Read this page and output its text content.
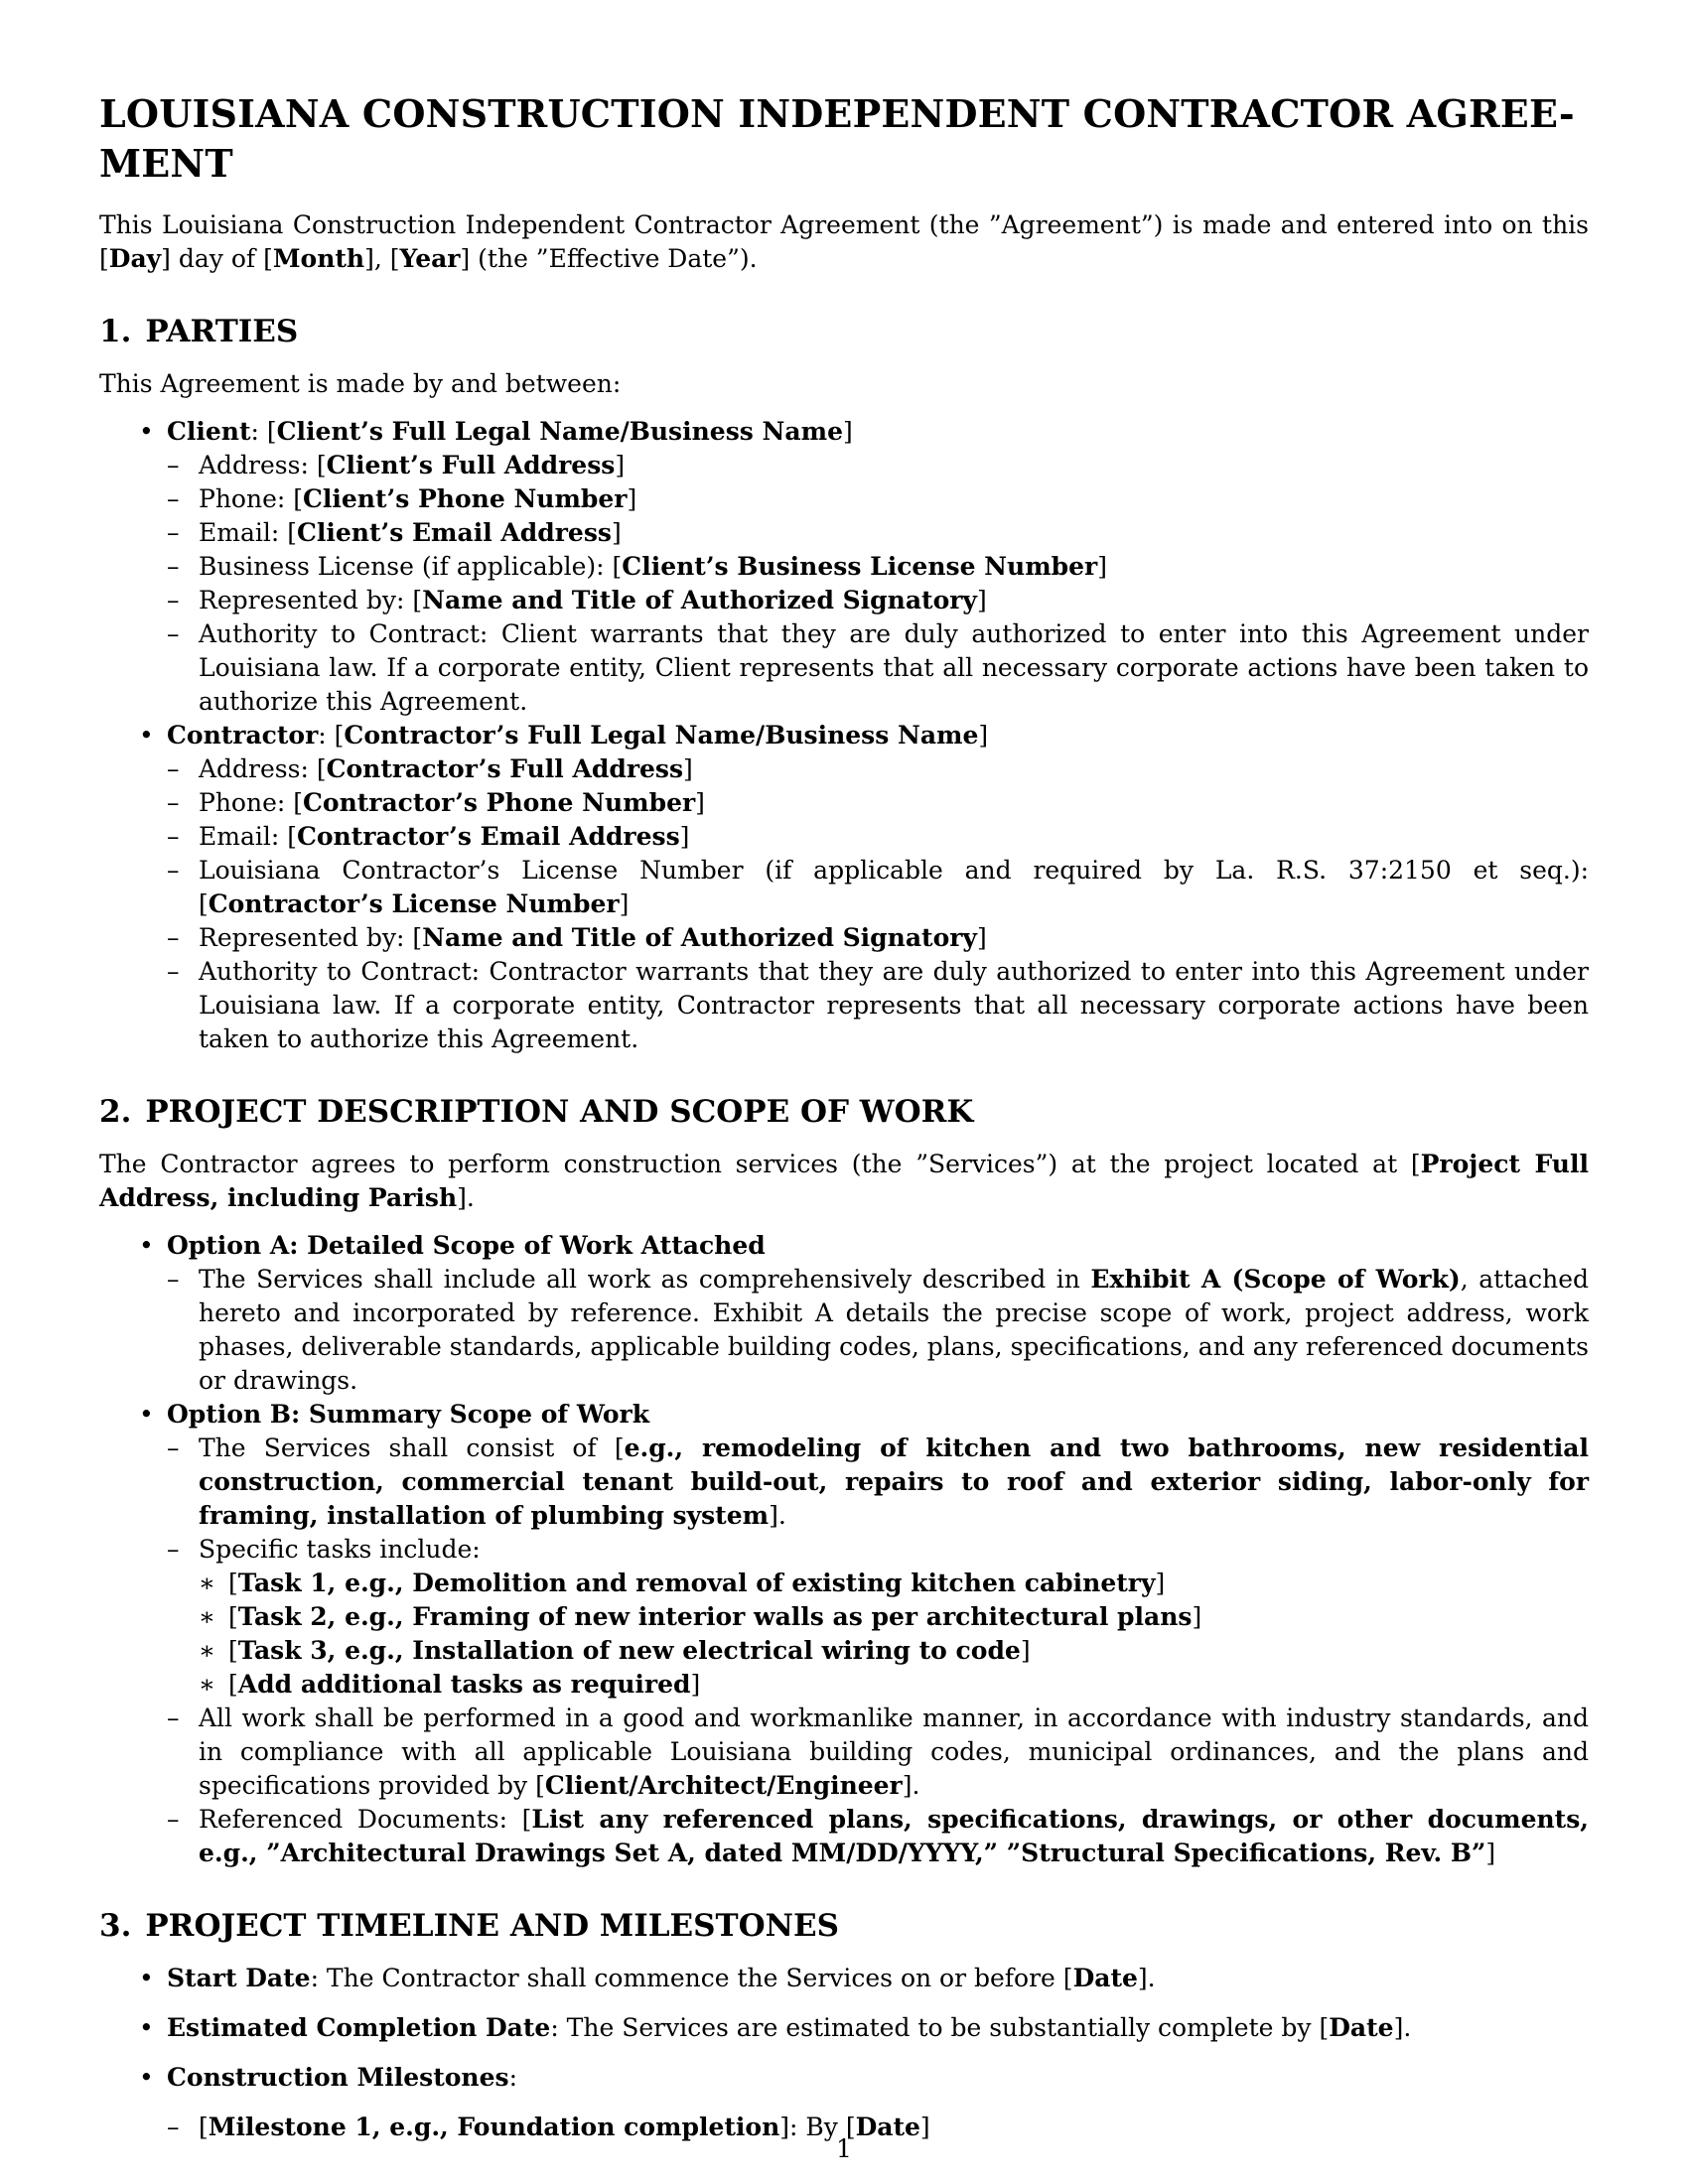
LOUISIANA CONSTRUCTION INDEPENDENT CONTRACTOR AGREE-MENT

This Louisiana Construction Independent Contractor Agreement (the ”Agreement”) is made and entered into on this [Day] day of [Month], [Year] (the ”Effective Date”).

1. PARTIES

This Agreement is made by and between:

• Client: [Client’s Full Legal Name/Business Name]
– Address: [Client’s Full Address]
– Phone: [Client’s Phone Number]
– Email: [Client’s Email Address]
– Business License (if applicable): [Client’s Business License Number]
– Represented by: [Name and Title of Authorized Signatory]
– Authority to Contract: Client warrants that they are duly authorized to enter into this Agreement under Louisiana law. If a corporate entity, Client represents that all necessary corporate actions have been taken to authorize this Agreement.
• Contractor: [Contractor’s Full Legal Name/Business Name]
– Address: [Contractor’s Full Address]
– Phone: [Contractor’s Phone Number]
– Email: [Contractor’s Email Address]
– Louisiana Contractor’s License Number (if applicable and required by La. R.S. 37:2150 et seq.): [Contractor’s License Number]
– Represented by: [Name and Title of Authorized Signatory]
– Authority to Contract: Contractor warrants that they are duly authorized to enter into this Agreement under Louisiana law. If a corporate entity, Contractor represents that all necessary corporate actions have been taken to authorize this Agreement.
2. PROJECT DESCRIPTION AND SCOPE OF WORK

The Contractor agrees to perform construction services (the ”Services”) at the project located at [Project Full Address, including Parish].

• Option A: Detailed Scope of Work Attached
– The Services shall include all work as comprehensively described in Exhibit A (Scope of Work), attached hereto and incorporated by reference. Exhibit A details the precise scope of work, project address, work phases, deliverable standards, applicable building codes, plans, specifications, and any referenced documents or drawings.
• Option B: Summary Scope of Work
– The Services shall consist of [e.g., remodeling of kitchen and two bathrooms, new residential construction, commercial tenant build-out, repairs to roof and exterior siding, labor-only for framing, installation of plumbing system].
– Specific tasks include:
∗ [Task 1, e.g., Demolition and removal of existing kitchen cabinetry]
∗ [Task 2, e.g., Framing of new interior walls as per architectural plans]
∗ [Task 3, e.g., Installation of new electrical wiring to code]
∗ [Add additional tasks as required]
– All work shall be performed in a good and workmanlike manner, in accordance with industry standards, and in compliance with all applicable Louisiana building codes, municipal ordinances, and the plans and specifications provided by [Client/Architect/Engineer].
– Referenced Documents: [List any referenced plans, specifications, drawings, or other documents, e.g., ”Architectural Drawings Set A, dated MM/DD/YYYY,” ”Structural Specifications, Rev. B”]
3. PROJECT TIMELINE AND MILESTONES
• Start Date: The Contractor shall commence the Services on or before [Date].
• Estimated Completion Date: The Services are estimated to be substantially complete by [Date].
• Construction Milestones:
– [Milestone 1, e.g., Foundation completion]: By [Date]
1
